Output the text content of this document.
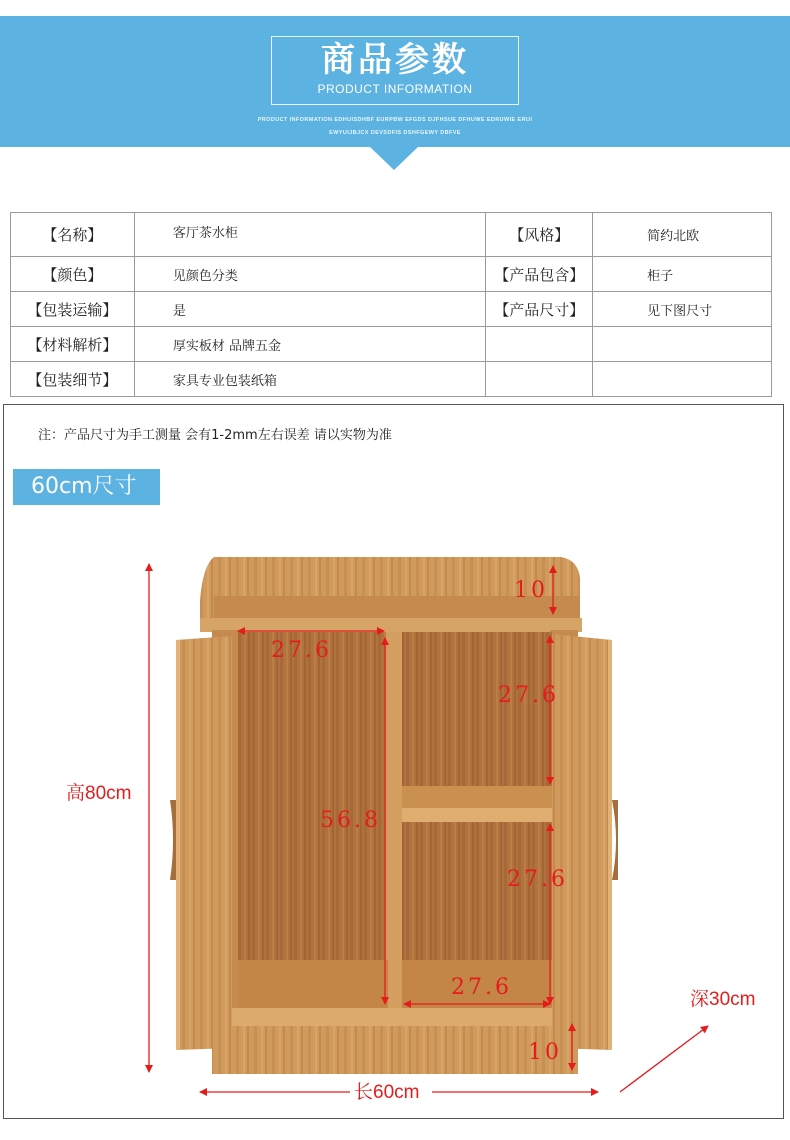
商品参数
PRODUCT INFORMATION
PRODUCT INFORMATION EDHUISDHBF EURPBW EFGDS DJFHSUE DFHUWE EDRUWIE ERUI
EWYUIJBJCX DEVSDFIS DSHFGEWY DBFVE
【名称】	客厅茶水柜	【风格】	简约北欧
【颜色】	见颜色分类	【产品包含】	柜子
【包装运输】	是	【产品尺寸】	见下图尺寸
【材料解析】	厚实板材 品牌五金		
【包装细节】	家具专业包装纸箱		
注：产品尺寸为手工测量 会有1-2mm左右误差 请以实物为准
60cm尺寸
10
27.6
27.6
56.8
27.6
27.6
10
高80cm
长60cm
深30cm
